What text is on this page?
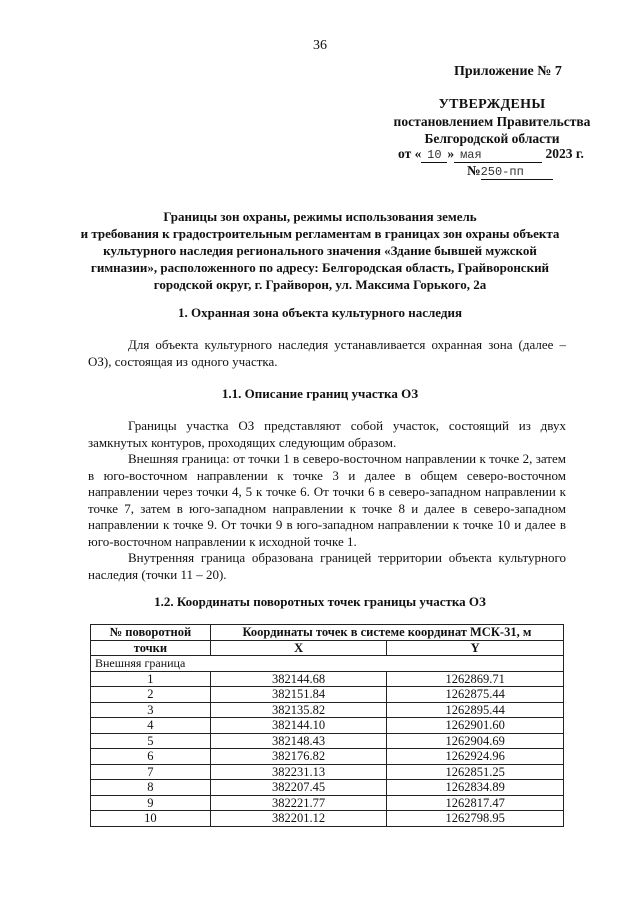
36
Приложение № 7
УТВЕРЖДЕНЫ
постановлением Правительства
Белгородской области
от « 10 » мая	2023 г.
№250-пп
Границы зон охраны, режимы использования земель
и требования к градостроительным регламентам в границах зон охраны объекта
культурного наследия регионального значения «Здание бывшей мужской
гимназии», расположенного по адресу: Белгородская область, Грайворонский
городской округ, г. Грайворон, ул. Максима Горького, 2а
1. Охранная зона объекта культурного наследия

Для объекта культурного наследия устанавливается охранная зона (далее – ОЗ), состоящая из одного участка.

1.1. Описание границ участка ОЗ

Границы участка ОЗ представляют собой участок, состоящий из двух замкнутых контуров, проходящих следующим образом.

Внешняя граница: от точки 1 в северо-восточном направлении к точке 2, затем в юго-восточном направлении к точке 3 и далее в общем северо-восточном направлении через точки 4, 5 к точке 6. От точки 6 в северо-западном направлении к точке 7, затем в юго-западном направлении к точке 8 и далее в северо-западном направлении к точке 9. От точки 9 в юго-западном направлении к точке 10 и далее в юго-восточном направлении к исходной точке 1.

Внутренняя граница образована границей территории объекта культурного наследия (точки 11 – 20).

1.2. Координаты поворотных точек границы участка ОЗ
№ поворотной	Координаты точек в системе координат МСК-31, м	
точки	X	Y
Внешняя граница		
1	382144.68	1262869.71
2	382151.84	1262875.44
3	382135.82	1262895.44
4	382144.10	1262901.60
5	382148.43	1262904.69
6	382176.82	1262924.96
7	382231.13	1262851.25
8	382207.45	1262834.89
9	382221.77	1262817.47
10	382201.12	1262798.95
